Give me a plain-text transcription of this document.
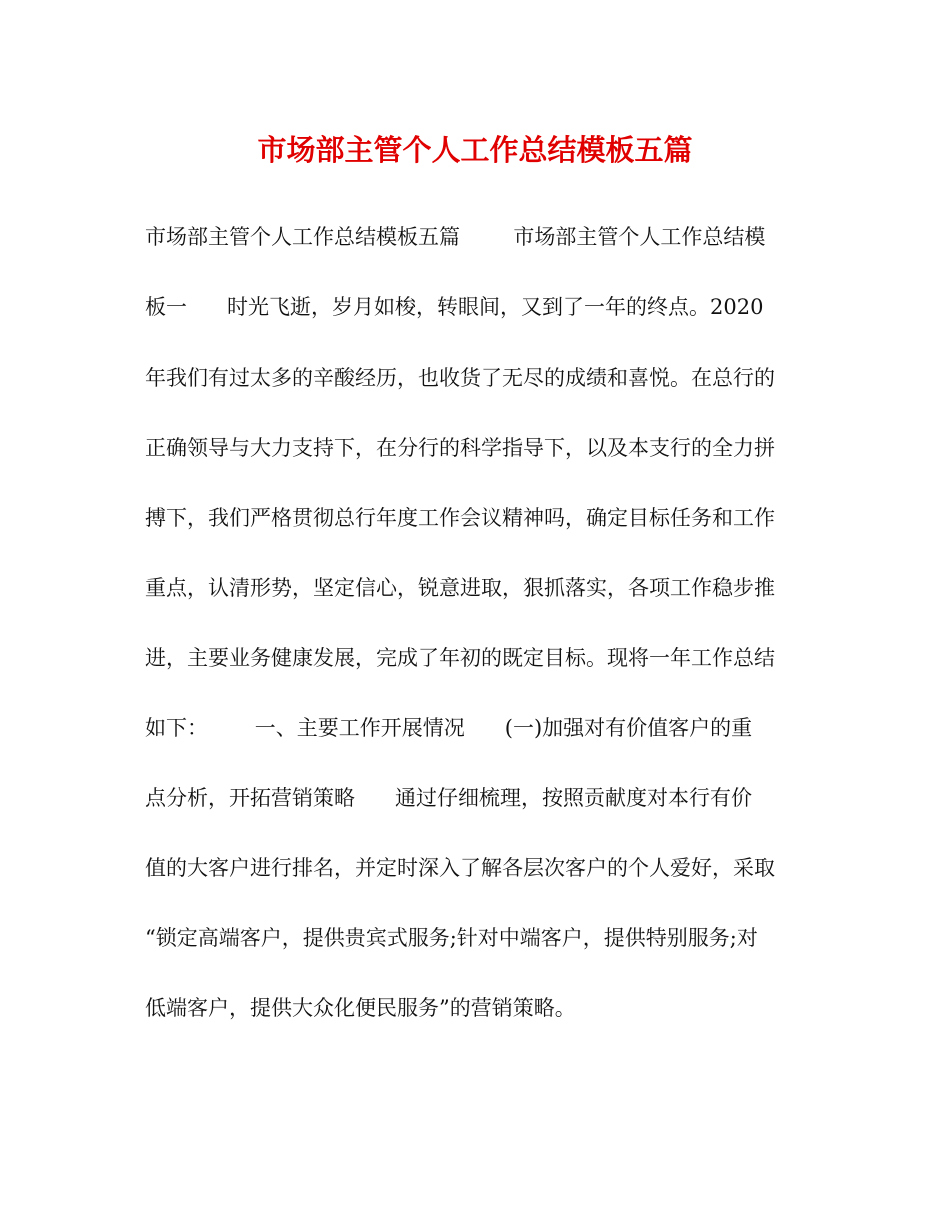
市场部主管个人工作总结模板五篇
市场部主管个人工作总结模板五篇        市场部主管个人工作总结模
板一      时光飞逝，岁月如梭，转眼间，又到了一年的终点。2020
年我们有过太多的辛酸经历，也收货了无尽的成绩和喜悦。在总行的
正确领导与大力支持下，在分行的科学指导下，以及本支行的全力拼
搏下，我们严格贯彻总行年度工作会议精神吗，确定目标任务和工作
重点，认清形势，坚定信心，锐意进取，狠抓落实，各项工作稳步推
进，主要业务健康发展，完成了年初的既定目标。现将一年工作总结
如下：       一、主要工作开展情况      (一)加强对有价值客户的重
点分析，开拓营销策略      通过仔细梳理，按照贡献度对本行有价
值的大客户进行排名，并定时深入了解各层次客户的个人爱好，采取
“锁定高端客户，提供贵宾式服务;针对中端客户，提供特别服务;对
低端客户，提供大众化便民服务”的营销策略。
